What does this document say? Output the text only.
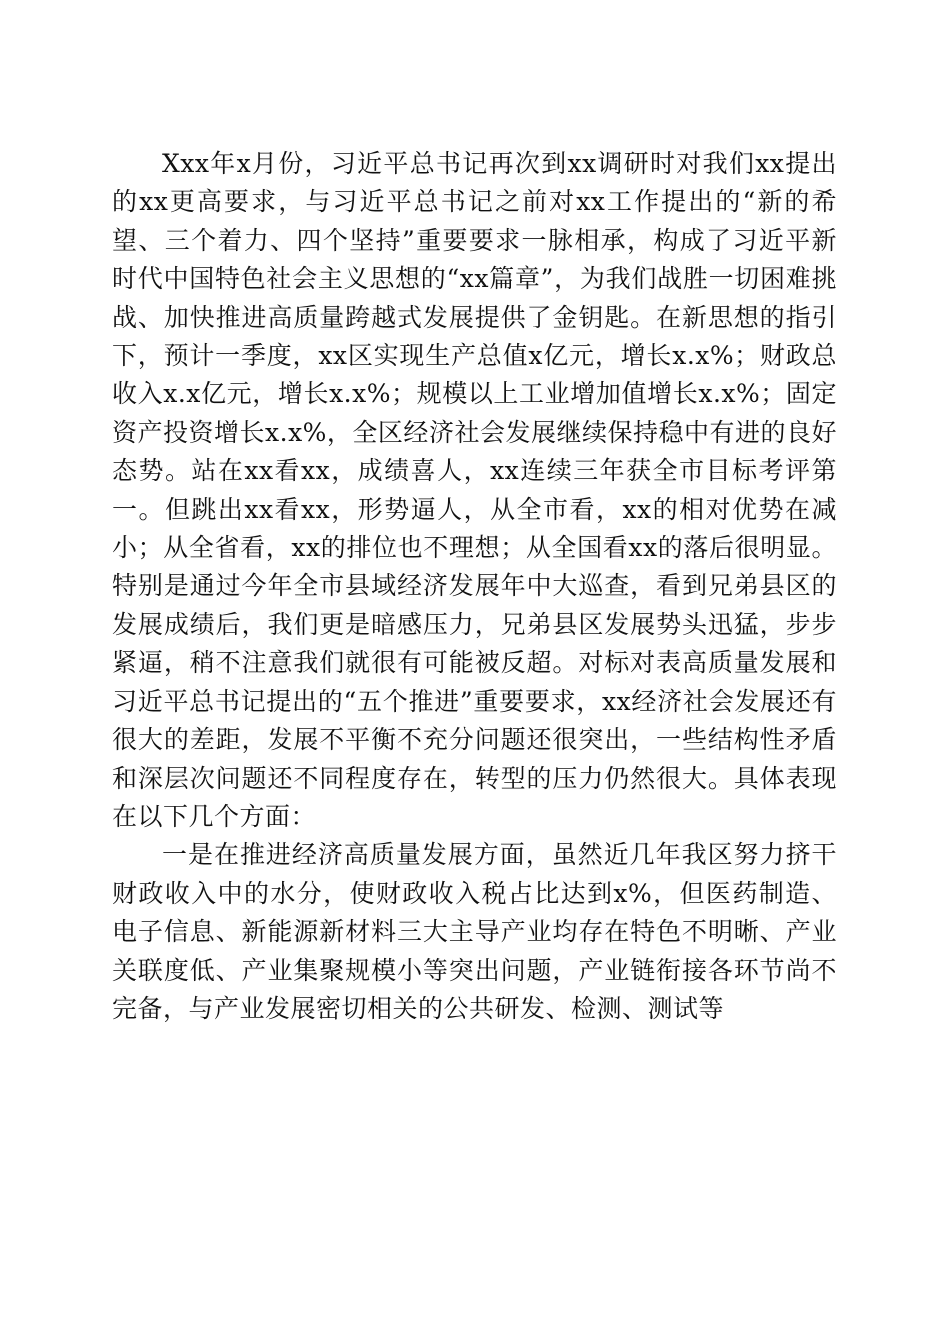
Xxx年x月份，习近平总书记再次到xx调研时对我们xx提出的xx更高要求，与习近平总书记之前对xx工作提出的“新的希望、三个着力、四个坚持”重要要求一脉相承，构成了习近平新时代中国特色社会主义思想的“xx篇章”，为我们战胜一切困难挑战、加快推进高质量跨越式发展提供了金钥匙。在新思想的指引下，预计一季度，xx区实现生产总值x亿元，增长x.x%；财政总收入x.x亿元，增长x.x%；规模以上工业增加值增长x.x%；固定资产投资增长x.x%，全区经济社会发展继续保持稳中有进的良好态势。站在xx看xx，成绩喜人，xx连续三年获全市目标考评第一。但跳出xx看xx，形势逼人，从全市看，xx的相对优势在减小；从全省看，xx的排位也不理想；从全国看xx的落后很明显。特别是通过今年全市县域经济发展年中大巡查，看到兄弟县区的发展成绩后，我们更是暗感压力，兄弟县区发展势头迅猛，步步紧逼，稍不注意我们就很有可能被反超。对标对表高质量发展和习近平总书记提出的“五个推进”重要要求，xx经济社会发展还有很大的差距，发展不平衡不充分问题还很突出，一些结构性矛盾和深层次问题还不同程度存在，转型的压力仍然很大。具体表现在以下几个方面：

一是在推进经济高质量发展方面，虽然近几年我区努力挤干财政收入中的水分，使财政收入税占比达到x%，但医药制造、电子信息、新能源新材料三大主导产业均存在特色不明晰、产业关联度低、产业集聚规模小等突出问题，产业链衔接各环节尚不完备，与产业发展密切相关的公共研发、检测、测试等
